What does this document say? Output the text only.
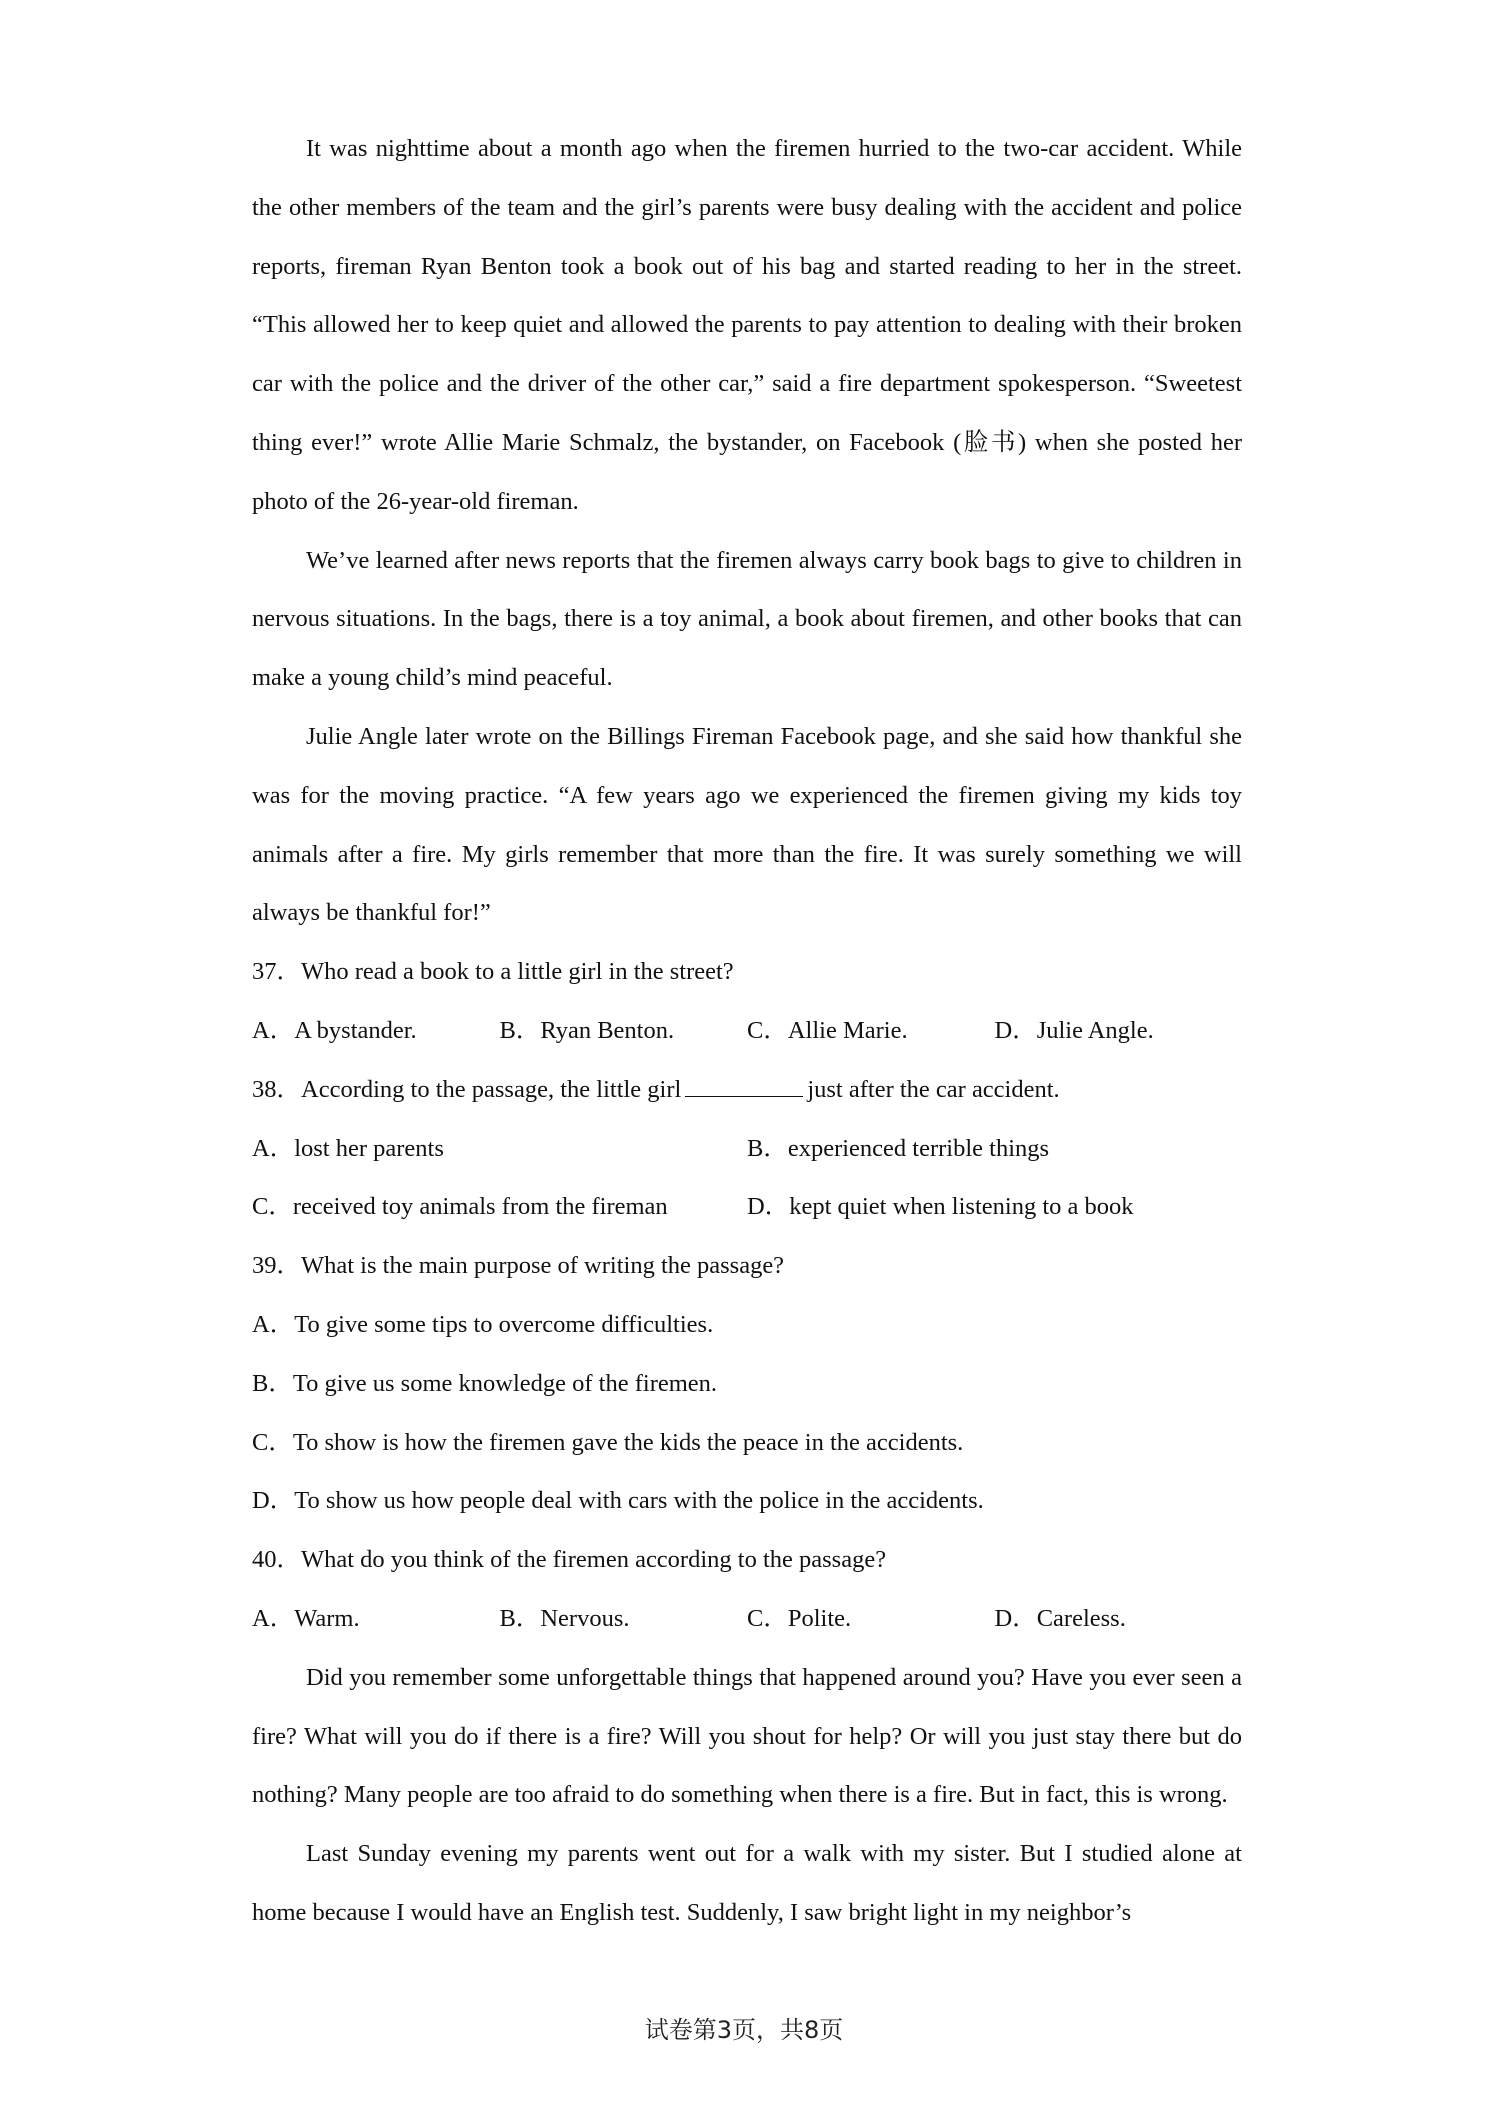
It was nighttime about a month ago when the firemen hurried to the two-car accident. While the other members of the team and the girl’s parents were busy dealing with the accident and police reports, fireman Ryan Benton took a book out of his bag and started reading to her in the street. “This allowed her to keep quiet and allowed the parents to pay attention to dealing with their broken car with the police and the driver of the other car,” said a fire department spokesperson. “Sweetest thing ever!” wrote Allie Marie Schmalz, the bystander, on Facebook (脸书) when she posted her photo of the 26-year-old fireman.

We’ve learned after news reports that the firemen always carry book bags to give to children in nervous situations. In the bags, there is a toy animal, a book about firemen, and other books that can make a young child’s mind peaceful.

Julie Angle later wrote on the Billings Fireman Facebook page, and she said how thankful she was for the moving practice. “A few years ago we experienced the firemen giving my kids toy animals after a fire. My girls remember that more than the fire. It was surely something we will always be thankful for!”

37．Who read a book to a little girl in the street?

A．A bystander.	B．Ryan Benton.	C．Allie Marie.	D．Julie Angle.

38．According to the passage, the little girl	just after the car accident.

A．lost her parents	B．experienced terrible things
C．received toy animals from the fireman	D．kept quiet when listening to a book

39．What is the main purpose of writing the passage?

A．To give some tips to overcome difficulties.

B．To give us some knowledge of the firemen.

C．To show is how the firemen gave the kids the peace in the accidents.

D．To show us how people deal with cars with the police in the accidents.

40．What do you think of the firemen according to the passage?

A．Warm.	B．Nervous.	C．Polite.	D．Careless.

Did you remember some unforgettable things that happened around you? Have you ever seen a fire? What will you do if there is a fire? Will you shout for help? Or will you just stay there but do nothing? Many people are too afraid to do something when there is a fire. But in fact, this is wrong.

Last Sunday evening my parents went out for a walk with my sister. But I studied alone at home because I would have an English test. Suddenly, I saw bright light in my neighbor’s

试卷第3页，共8页
